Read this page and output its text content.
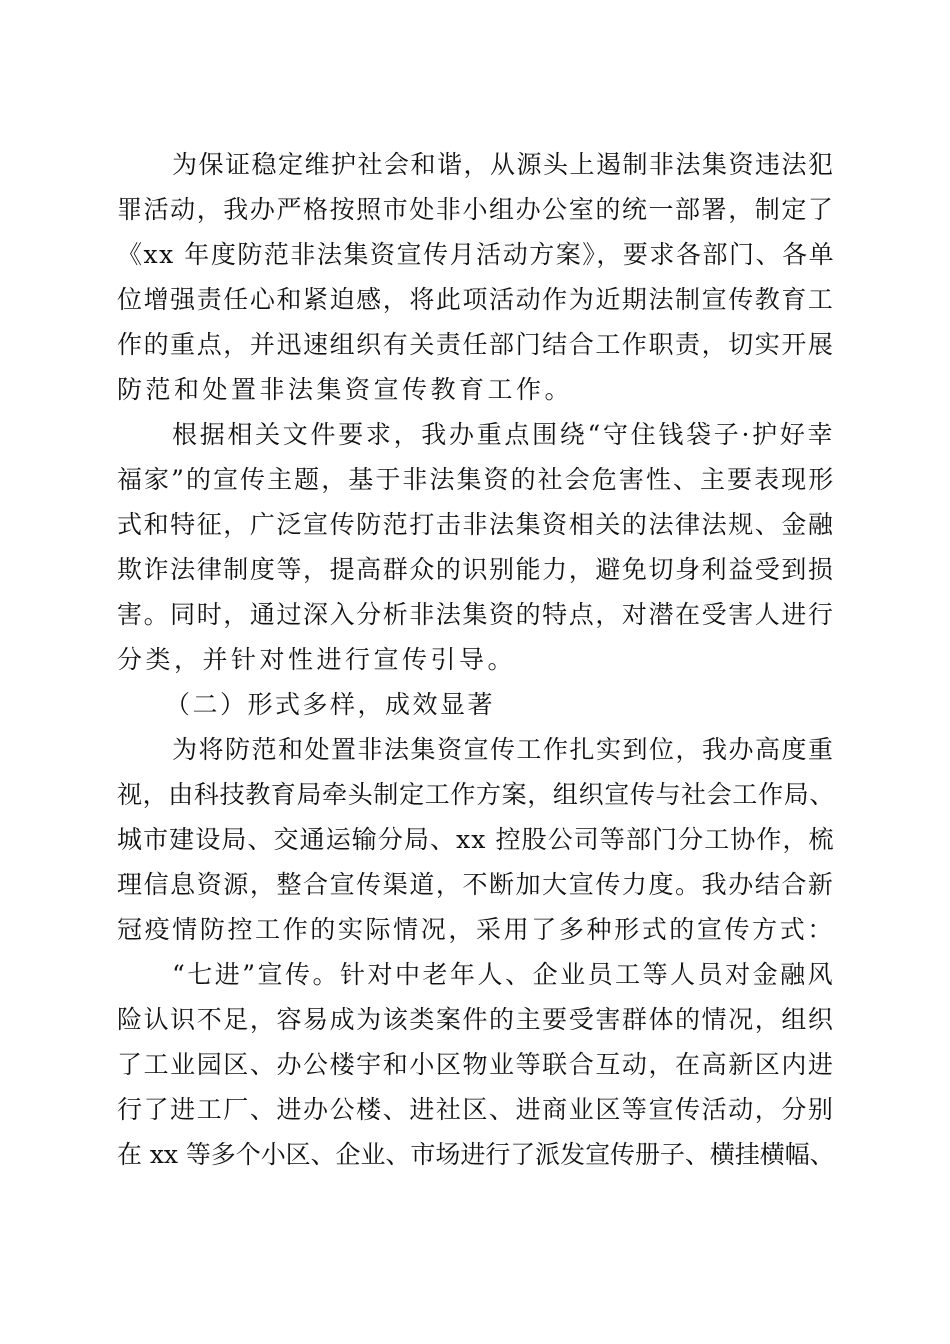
为保证稳定维护社会和谐，从源头上遏制非法集资违法犯
罪活动，我办严格按照市处非小组办公室的统一部署，制定了
《xx 年度防范非法集资宣传月活动方案》，要求各部门、各单
位增强责任心和紧迫感，将此项活动作为近期法制宣传教育工
作的重点，并迅速组织有关责任部门结合工作职责，切实开展
防范和处置非法集资宣传教育工作。
根据相关文件要求，我办重点围绕“守住钱袋子·护好幸
福家”的宣传主题，基于非法集资的社会危害性、主要表现形
式和特征，广泛宣传防范打击非法集资相关的法律法规、金融
欺诈法律制度等，提高群众的识别能力，避免切身利益受到损
害。同时，通过深入分析非法集资的特点，对潜在受害人进行
分类，并针对性进行宣传引导。
（二）形式多样，成效显著
为将防范和处置非法集资宣传工作扎实到位，我办高度重
视，由科技教育局牵头制定工作方案，组织宣传与社会工作局、
城市建设局、交通运输分局、xx 控股公司等部门分工协作，梳
理信息资源，整合宣传渠道，不断加大宣传力度。我办结合新
冠疫情防控工作的实际情况，采用了多种形式的宣传方式：
“七进”宣传。针对中老年人、企业员工等人员对金融风
险认识不足，容易成为该类案件的主要受害群体的情况，组织
了工业园区、办公楼宇和小区物业等联合互动，在高新区内进
行了进工厂、进办公楼、进社区、进商业区等宣传活动，分别
在 xx 等多个小区、企业、市场进行了派发宣传册子、横挂横幅、
